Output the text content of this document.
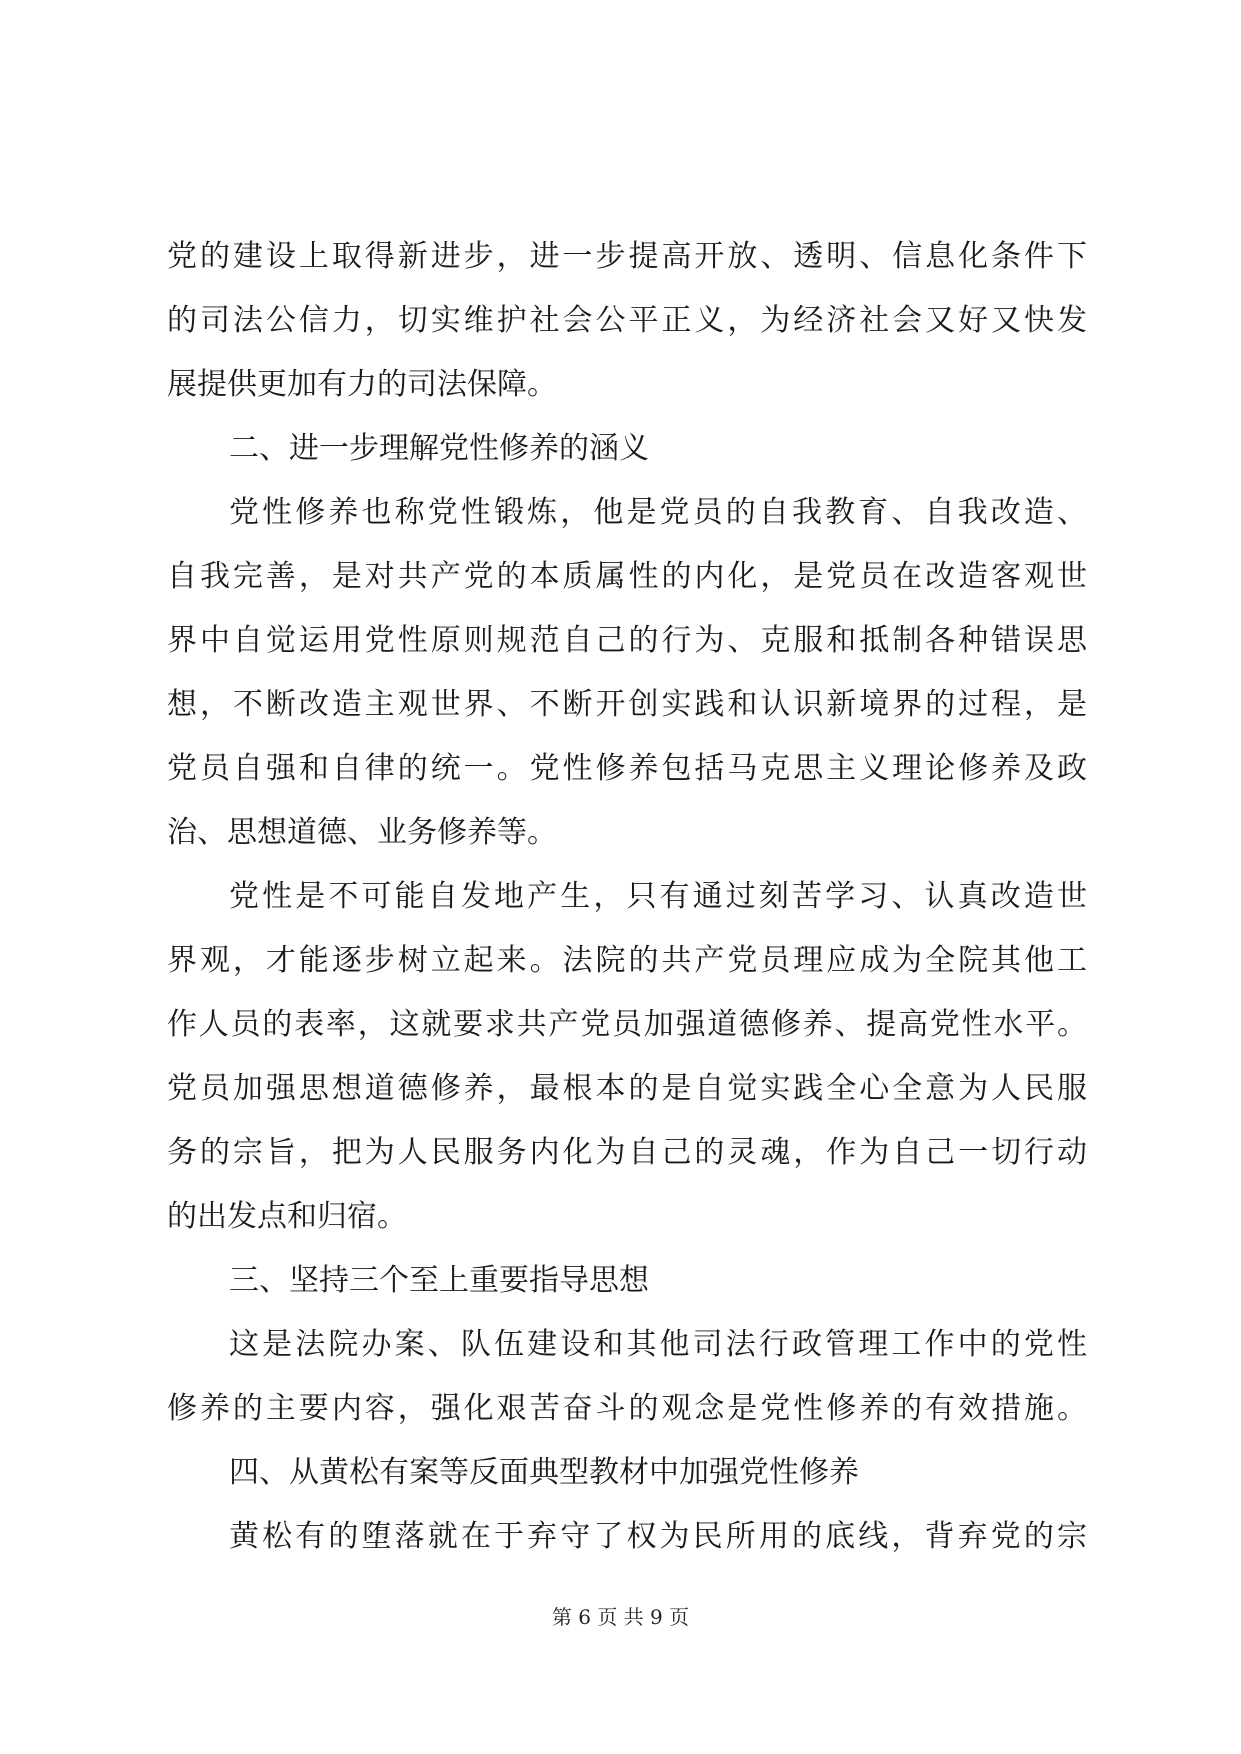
党的建设上取得新进步，进一步提高开放、透明、信息化条件下
的司法公信力，切实维护社会公平正义，为经济社会又好又快发
展提供更加有力的司法保障。
二、进一步理解党性修养的涵义
党性修养也称党性锻炼，他是党员的自我教育、自我改造、
自我完善，是对共产党的本质属性的内化，是党员在改造客观世
界中自觉运用党性原则规范自己的行为、克服和抵制各种错误思
想，不断改造主观世界、不断开创实践和认识新境界的过程，是
党员自强和自律的统一。党性修养包括马克思主义理论修养及政
治、思想道德、业务修养等。
党性是不可能自发地产生，只有通过刻苦学习、认真改造世
界观，才能逐步树立起来。法院的共产党员理应成为全院其他工
作人员的表率，这就要求共产党员加强道德修养、提高党性水平。
党员加强思想道德修养，最根本的是自觉实践全心全意为人民服
务的宗旨，把为人民服务内化为自己的灵魂，作为自己一切行动
的出发点和归宿。
三、坚持三个至上重要指导思想
这是法院办案、队伍建设和其他司法行政管理工作中的党性
修养的主要内容，强化艰苦奋斗的观念是党性修养的有效措施。
四、从黄松有案等反面典型教材中加强党性修养
黄松有的堕落就在于弃守了权为民所用的底线，背弃党的宗
第 6 页 共 9 页
